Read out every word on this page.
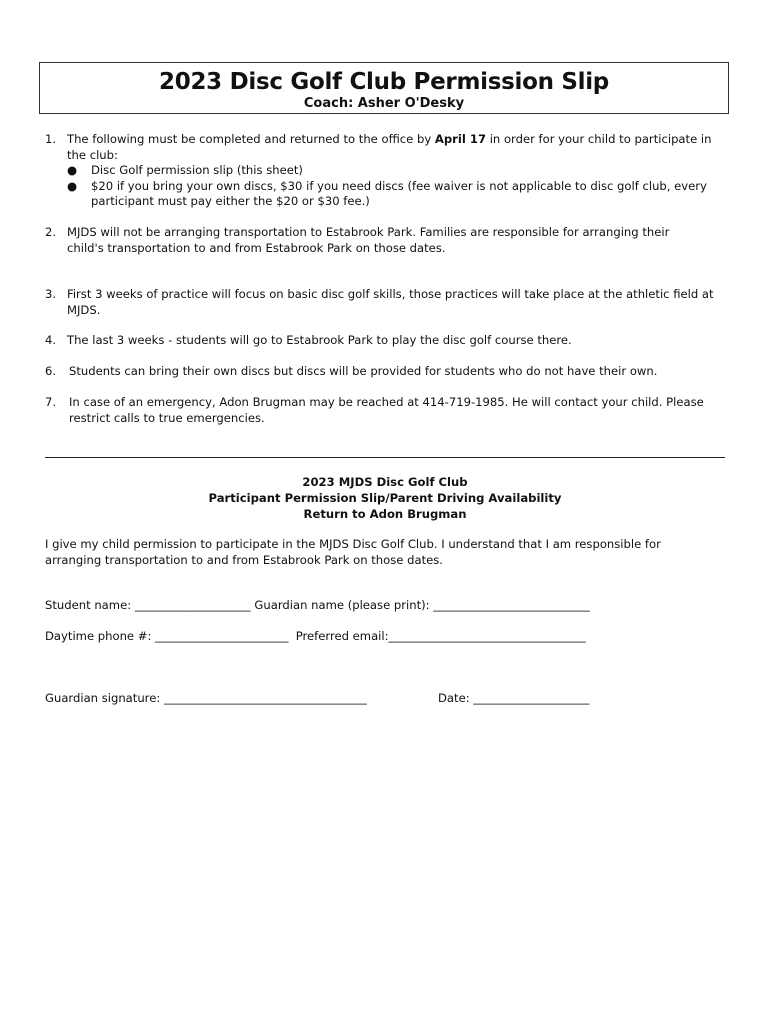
2023 Disc Golf Club Permission Slip
Coach: Asher O'Desky
1. The following must be completed and returned to the office by April 17 in order for your child to participate in the club:
● Disc Golf permission slip (this sheet)
● $20 if you bring your own discs, $30 if you need discs (fee waiver is not applicable to disc golf club, every participant must pay either the $20 or $30 fee.)
2. MJDS will not be arranging transportation to Estabrook Park. Families are responsible for arranging their child's transportation to and from Estabrook Park on those dates.
3. First 3 weeks of practice will focus on basic disc golf skills, those practices will take place at the athletic field at MJDS.
4. The last 3 weeks - students will go to Estabrook Park to play the disc golf course there.
6. Students can bring their own discs but discs will be provided for students who do not have their own.
7. In case of an emergency, Adon Brugman may be reached at 414-719-1985. He will contact your child. Please restrict calls to true emergencies.
2023 MJDS Disc Golf Club
Participant Permission Slip/Parent Driving Availability
Return to Adon Brugman
I give my child permission to participate in the MJDS Disc Golf Club. I understand that I am responsible for arranging transportation to and from Estabrook Park on those dates.
Student name: ____________________ Guardian name (please print): ___________________________
Daytime phone #: _______________________  Preferred email:__________________________________
Guardian signature: ___________________________________	Date: ____________________
